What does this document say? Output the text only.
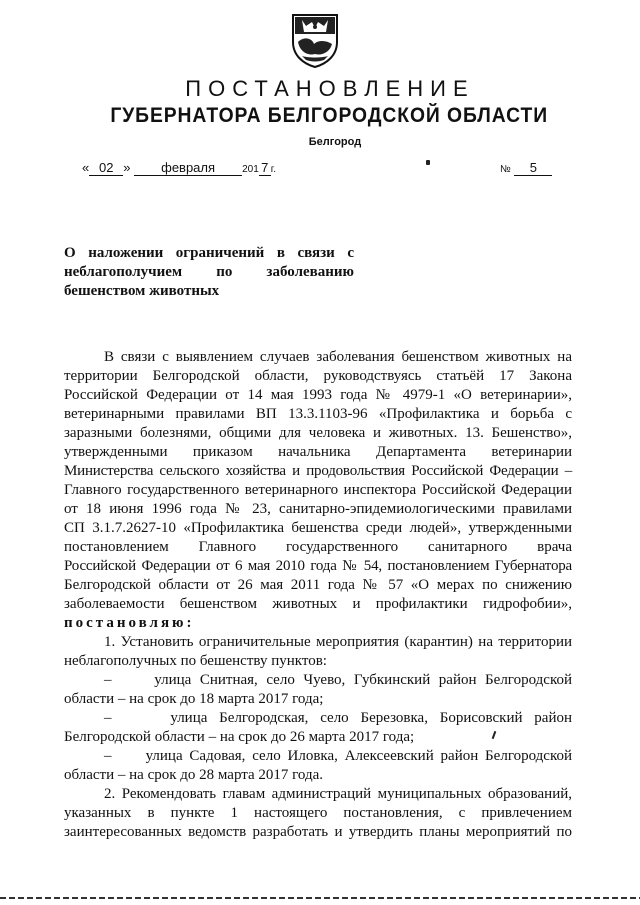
ПОСТАНОВЛЕНИЕ
ГУБЕРНАТОРА БЕЛГОРОДСКОЙ ОБЛАСТИ
Белгород
« 02 » февраля	201 7 г.	№ 5
О наложении ограничений в связи с
неблагополучием по заболеванию
бешенством животных
В связи с выявлением случаев заболевания бешенством животных на
территории Белгородской области, руководствуясь статьёй 17 Закона
Российской Федерации от 14 мая 1993 года № 4979-1 «О ветеринарии»,
ветеринарными правилами ВП 13.3.1103-96 «Профилактика и борьба с
заразными болезнями, общими для человека и животных. 13. Бешенство»,
утвержденными приказом начальника Департамента ветеринарии
Министерства сельского хозяйства и продовольствия Российской Федерации –
Главного государственного ветеринарного инспектора Российской Федерации
от 18 июня 1996 года № 23, санитарно-эпидемиологическими правилами
СП 3.1.7.2627-10 «Профилактика бешенства среди людей», утвержденными
постановлением Главного государственного санитарного врача
Российской Федерации от 6 мая 2010 года № 54, постановлением Губернатора
Белгородской области от 26 мая 2011 года № 57 «О мерах по снижению
заболеваемости бешенством животных и профилактики гидрофобии»,
постановляю:
1. Установить ограничительные мероприятия (карантин) на территории
неблагополучных по бешенству пунктов:
–	улица Снитная, село Чуево, Губкинский район Белгородской
области – на срок до 18 марта 2017 года;
–	улица Белгородская, село Березовка, Борисовский район
Белгородской области – на срок до 26 марта 2017 года;
– улица Садовая, село Иловка, Алексеевский район Белгородской
области – на срок до 28 марта 2017 года.
2. Рекомендовать главам администраций муниципальных образований,
указанных в пункте 1 настоящего постановления, с привлечением
заинтересованных ведомств разработать и утвердить планы мероприятий по
